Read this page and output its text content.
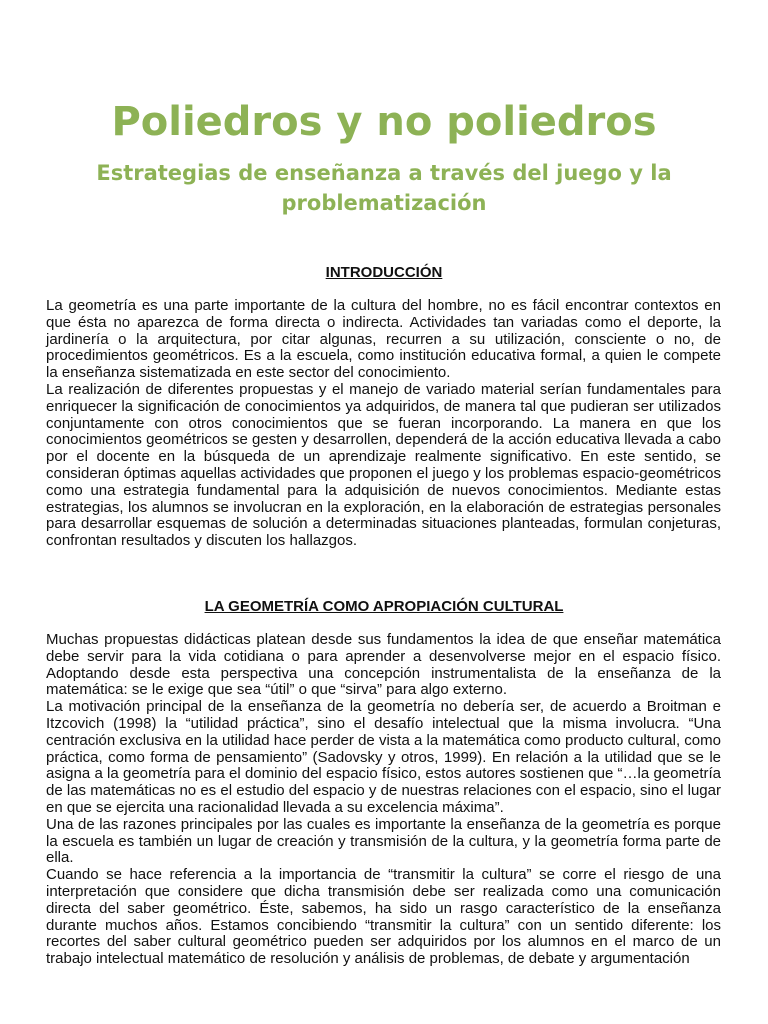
Poliedros y no poliedros
Estrategias de enseñanza a través del juego y la problematización
INTRODUCCIÓN

La geometría es una parte importante de la cultura del hombre, no es fácil encontrar contextos en que ésta no aparezca de forma directa o indirecta. Actividades tan variadas como el deporte, la jardinería o la arquitectura, por citar algunas, recurren a su utilización, consciente o no, de procedimientos geométricos. Es a la escuela, como institución educativa formal, a quien le compete la enseñanza sistematizada en este sector del conocimiento.

La realización de diferentes propuestas y el manejo de variado material serían fundamentales para enriquecer la significación de conocimientos ya adquiridos, de manera tal que pudieran ser utilizados conjuntamente con otros conocimientos que se fueran incorporando. La manera en que los conocimientos geométricos se gesten y desarrollen, dependerá de la acción educativa llevada a cabo por el docente en la búsqueda de un aprendizaje realmente significativo. En este sentido, se consideran óptimas aquellas actividades que proponen el juego y los problemas espacio-geométricos como una estrategia fundamental para la adquisición de nuevos conocimientos. Mediante estas estrategias, los alumnos se involucran en la exploración, en la elaboración de estrategias personales para desarrollar esquemas de solución a determinadas situaciones planteadas, formulan conjeturas, confrontan resultados y discuten los hallazgos.

LA GEOMETRÍA COMO APROPIACIÓN CULTURAL

Muchas propuestas didácticas platean desde sus fundamentos la idea de que enseñar matemática debe servir para la vida cotidiana o para aprender a desenvolverse mejor en el espacio físico. Adoptando desde esta perspectiva una concepción instrumentalista de la enseñanza de la matemática: se le exige que sea “útil” o que “sirva” para algo externo.

La motivación principal de la enseñanza de la geometría no debería ser, de acuerdo a Broitman e Itzcovich (1998) la “utilidad práctica”, sino el desafío intelectual que la misma involucra. “Una centración exclusiva en la utilidad hace perder de vista a la matemática como producto cultural, como práctica, como forma de pensamiento” (Sadovsky y otros, 1999). En relación a la utilidad que se le asigna a la geometría para el dominio del espacio físico, estos autores sostienen que “…la geometría de las matemáticas no es el estudio del espacio y de nuestras relaciones con el espacio, sino el lugar en que se ejercita una racionalidad llevada a su excelencia máxima”.

Una de las razones principales por las cuales es importante la enseñanza de la geometría es porque la escuela es también un lugar de creación y transmisión de la cultura, y la geometría forma parte de ella.

Cuando se hace referencia a la importancia de “transmitir la cultura” se corre el riesgo de una interpretación que considere que dicha transmisión debe ser realizada como una comunicación directa del saber geométrico. Éste, sabemos, ha sido un rasgo característico de la enseñanza durante muchos años. Estamos concibiendo “transmitir la cultura” con un sentido diferente: los recortes del saber cultural geométrico pueden ser adquiridos por los alumnos en el marco de un trabajo intelectual matemático de resolución y análisis de problemas, de debate y argumentación
